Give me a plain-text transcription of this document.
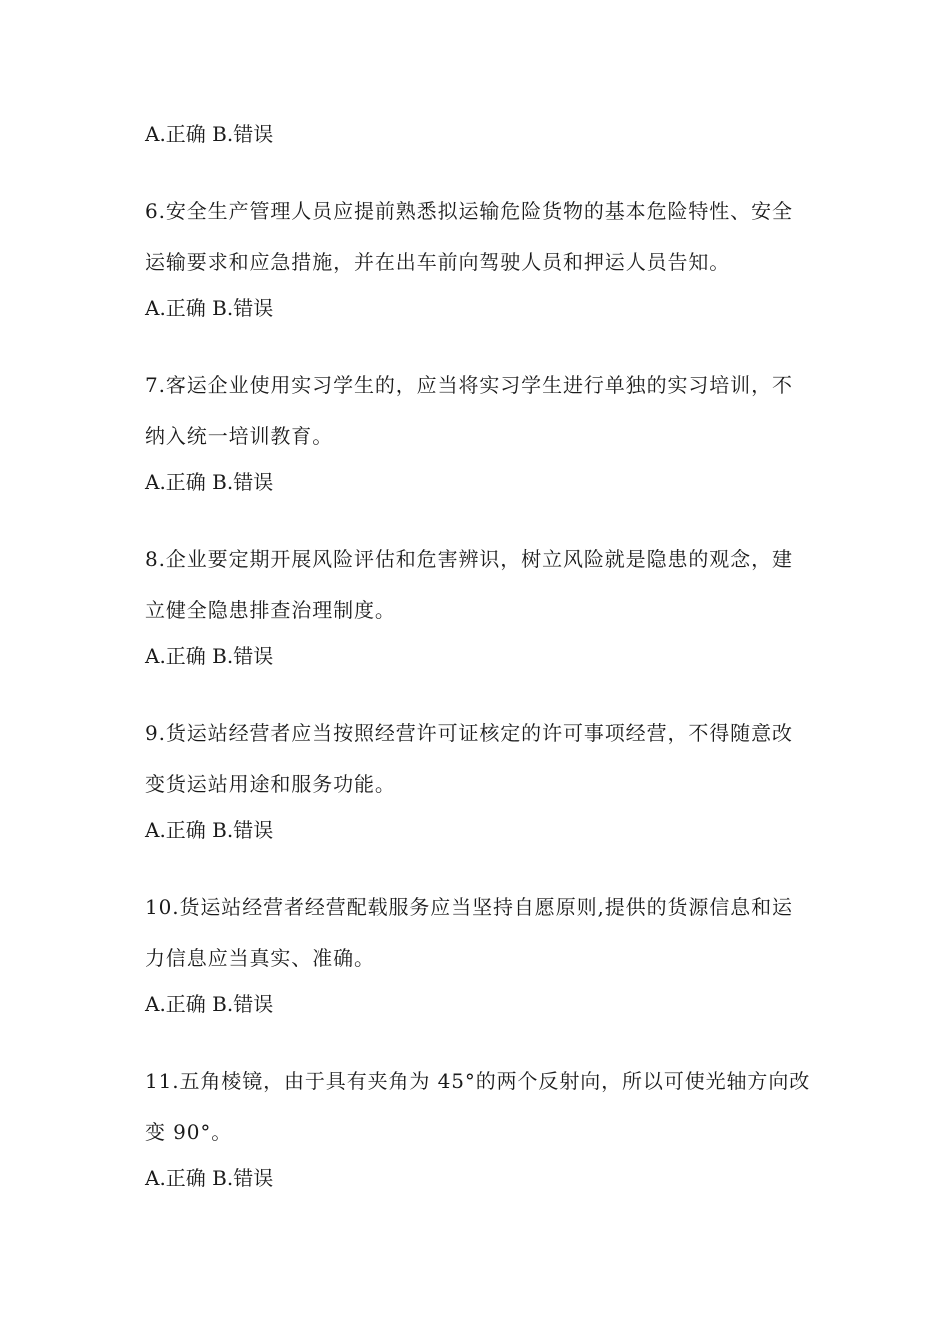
A.正确 B.错误
6.安全生产管理人员应提前熟悉拟运输危险货物的基本危险特性、安全
运输要求和应急措施，并在出车前向驾驶人员和押运人员告知。
A.正确 B.错误
7.客运企业使用实习学生的，应当将实习学生进行单独的实习培训，不
纳入统一培训教育。
A.正确 B.错误
8.企业要定期开展风险评估和危害辨识，树立风险就是隐患的观念，建
立健全隐患排查治理制度。
A.正确 B.错误
9.货运站经营者应当按照经营许可证核定的许可事项经营，不得随意改
变货运站用途和服务功能。
A.正确 B.错误
10.货运站经营者经营配载服务应当坚持自愿原则,提供的货源信息和运
力信息应当真实、准确。
A.正确 B.错误
11.五角棱镜，由于具有夹角为 45°的两个反射向，所以可使光轴方向改
变 90°。
A.正确 B.错误
